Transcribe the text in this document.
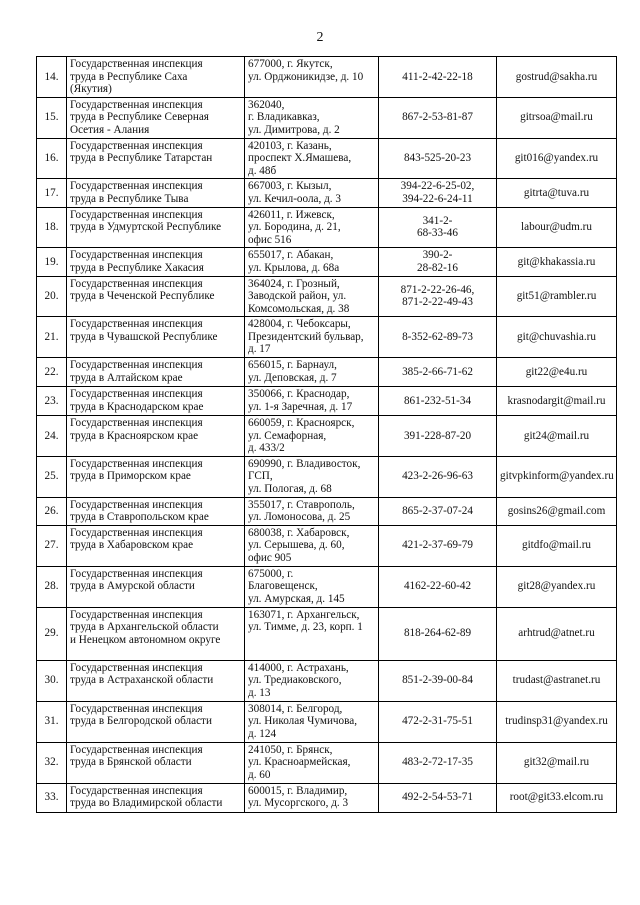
2
14.	Государственная инспекция
труда в Республике Саха
(Якутия)	677000, г. Якутск,
ул. Орджоникидзе, д. 10	411-2-42-22-18	gostrud@sakha.ru
15.	Государственная инспекция
труда в Республике Северная
Осетия - Алания	362040,
г. Владикавказ,
ул. Димитрова, д. 2	867-2-53-81-87	gitrsoa@mail.ru
16.	Государственная инспекция
труда в Республике Татарстан	420103, г. Казань,
проспект Х.Ямашева,
д. 48б	843-525-20-23	git016@yandex.ru
17.	Государственная инспекция
труда в Республике Тыва	667003, г. Кызыл,
ул. Кечил-оола, д. 3	394-22-6-25-02,
394-22-6-24-11	gitrta@tuva.ru
18.	Государственная инспекция
труда в Удмуртской Республике	426011, г. Ижевск,
ул. Бородина, д. 21,
офис 516	341-2-
68-33-46	labour@udm.ru
19.	Государственная инспекция
труда в Республике Хакасия	655017, г. Абакан,
ул. Крылова, д. 68а	390-2-
28-82-16	git@khakassia.ru
20.	Государственная инспекция
труда в Чеченской Республике	364024, г. Грозный,
Заводской район, ул.
Комсомольская, д. 38	871-2-22-26-46,
871-2-22-49-43	git51@rambler.ru
21.	Государственная инспекция
труда в Чувашской Республике	428004, г. Чебоксары,
Президентский бульвар,
д. 17	8-352-62-89-73	git@chuvashia.ru
22.	Государственная инспекция
труда в Алтайском крае	656015, г. Барнаул,
ул. Деповская, д. 7	385-2-66-71-62	git22@e4u.ru
23.	Государственная инспекция
труда в Краснодарском крае	350066, г. Краснодар,
ул. 1-я Заречная, д. 17	861-232-51-34	krasnodargit@mail.ru
24.	Государственная инспекция
труда в Красноярском крае	660059, г. Красноярск,
ул. Семафорная,
д. 433/2	391-228-87-20	git24@mail.ru
25.	Государственная инспекция
труда в Приморском крае	690990, г. Владивосток,
ГСП,
ул. Пологая, д. 68	423-2-26-96-63	gitvpkinform@yandex.ru
26.	Государственная инспекция
труда в Ставропольском крае	355017, г. Ставрополь,
ул. Ломоносова, д. 25	865-2-37-07-24	gosins26@gmail.com
27.	Государственная инспекция
труда в Хабаровском крае	680038, г. Хабаровск,
ул. Серышева, д. 60,
офис 905	421-2-37-69-79	gitdfo@mail.ru
28.	Государственная инспекция
труда в Амурской области	675000, г.
Благовещенск,
ул. Амурская, д. 145	4162-22-60-42	git28@yandex.ru
29.	Государственная инспекция
труда в Архангельской области
и Ненецком автономном округе	163071, г. Архангельск,
ул. Тимме, д. 23, корп. 1	818-264-62-89	arhtrud@atnet.ru
30.	Государственная инспекция
труда в Астраханской области	414000, г. Астрахань,
ул. Тредиаковского,
д. 13	851-2-39-00-84	trudast@astranet.ru
31.	Государственная инспекция
труда в Белгородской области	308014, г. Белгород,
ул. Николая Чумичова,
д. 124	472-2-31-75-51	trudinsp31@yandex.ru
32.	Государственная инспекция
труда в Брянской области	241050, г. Брянск,
ул. Красноармейская,
д. 60	483-2-72-17-35	git32@mail.ru
33.	Государственная инспекция
труда во Владимирской области	600015, г. Владимир,
ул. Мусоргского, д. 3	492-2-54-53-71	root@git33.elcom.ru
